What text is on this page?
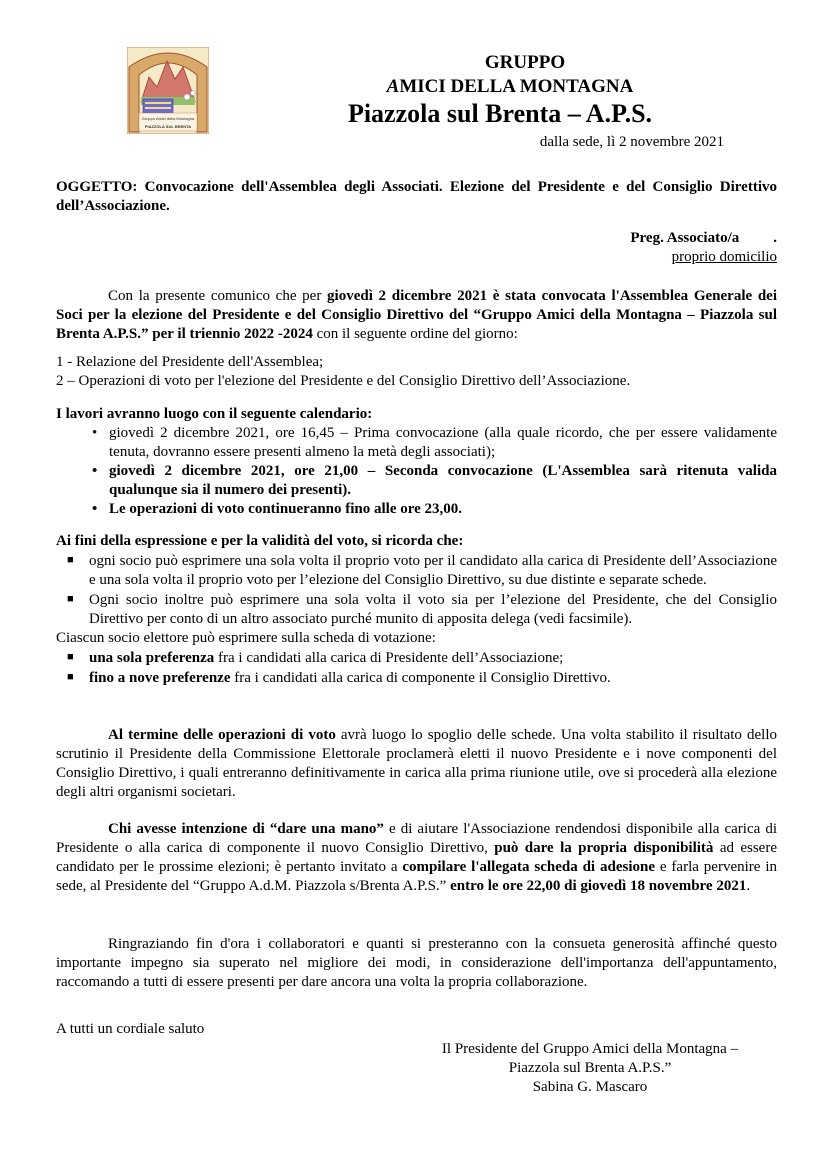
Gruppo Amici della Montagna
PIAZZOLA SUL BRENTA
GRUPPO
AMICI DELLA MONTAGNA
Piazzola sul Brenta – A.P.S.
dalla sede, lì 2 novembre 2021
OGGETTO: Convocazione dell'Assemblea degli Associati. Elezione del Presidente e del Consiglio Direttivo dell’Associazione.
Preg. Associato/a .
proprio domicilio
Con la presente comunico che per giovedì 2 dicembre 2021 è stata convocata l'Assemblea Generale dei Soci per la elezione del Presidente e del Consiglio Direttivo del “Gruppo Amici della Montagna – Piazzola sul Brenta A.P.S.” per il triennio 2022 -2024 con il seguente ordine del giorno:
1 - Relazione del Presidente dell'Assemblea;
2 – Operazioni di voto per l'elezione del Presidente e del Consiglio Direttivo dell’Associazione.
I lavori avranno luogo con il seguente calendario:
• giovedì 2 dicembre 2021, ore 16,45 – Prima convocazione (alla quale ricordo, che per essere validamente tenuta, dovranno essere presenti almeno la metà degli associati);
• giovedì 2 dicembre 2021, ore 21,00 – Seconda convocazione (L'Assemblea sarà ritenuta valida qualunque sia il numero dei presenti).
• Le operazioni di voto continueranno fino alle ore 23,00.
Ai fini della espressione e per la validità del voto, si ricorda che:
■ ogni socio può esprimere una sola volta il proprio voto per il candidato alla carica di Presidente dell’Associazione e una sola volta il proprio voto per l’elezione del Consiglio Direttivo, su due distinte e separate schede.
■ Ogni socio inoltre può esprimere una sola volta il voto sia per l’elezione del Presidente, che del Consiglio Direttivo per conto di un altro associato purché munito di apposita delega (vedi facsimile).
Ciascun socio elettore può esprimere sulla scheda di votazione:
■ una sola preferenza fra i candidati alla carica di Presidente dell’Associazione;
■ fino a nove preferenze fra i candidati alla carica di componente il Consiglio Direttivo.
Al termine delle operazioni di voto avrà luogo lo spoglio delle schede. Una volta stabilito il risultato dello scrutinio il Presidente della Commissione Elettorale proclamerà eletti il nuovo Presidente e i nove componenti del Consiglio Direttivo, i quali entreranno definitivamente in carica alla prima riunione utile, ove si procederà alla elezione degli altri organismi societari.
Chi avesse intenzione di “dare una mano” e di aiutare l'Associazione rendendosi disponibile alla carica di Presidente o alla carica di componente il nuovo Consiglio Direttivo, può dare la propria disponibilità ad essere candidato per le prossime elezioni; è pertanto invitato a compilare l'allegata scheda di adesione e farla pervenire in sede, al Presidente del “Gruppo A.d.M. Piazzola s/Brenta A.P.S.” entro le ore 22,00 di giovedì 18 novembre 2021.
Ringraziando fin d'ora i collaboratori e quanti si presteranno con la consueta generosità affinché questo importante impegno sia superato nel migliore dei modi, in considerazione dell'importanza dell'appuntamento, raccomando a tutti di essere presenti per dare ancora una volta la propria collaborazione.
A tutti un cordiale saluto
Il Presidente del Gruppo Amici della Montagna –
Piazzola sul Brenta A.P.S.”
Sabina G. Mascaro
